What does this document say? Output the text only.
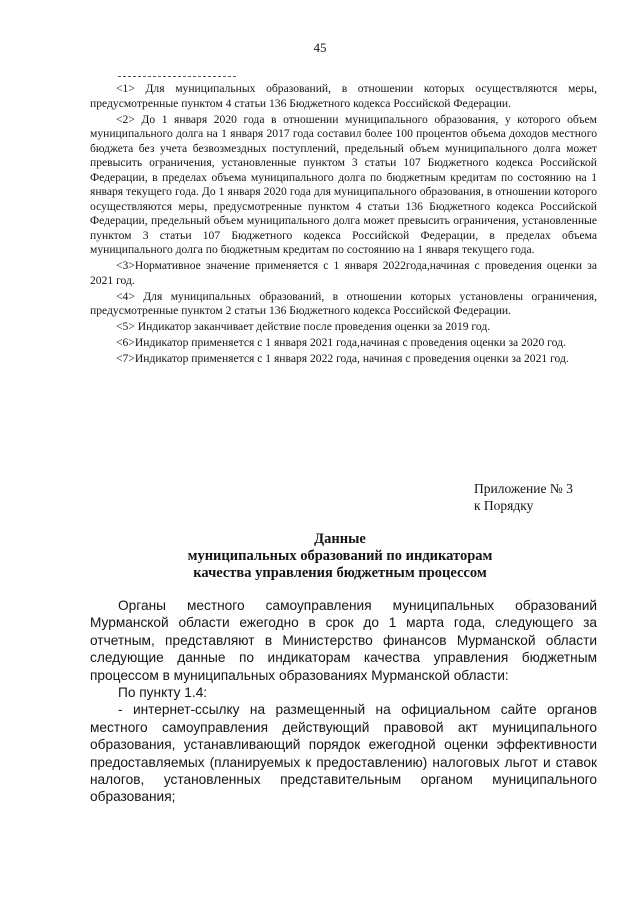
45

<1> Для муниципальных образований, в отношении которых осуществляются меры, предусмотренные пунктом 4 статьи 136 Бюджетного кодекса Российской Федерации.

<2> До 1 января 2020 года в отношении муниципального образования, у которого объем муниципального долга на 1 января 2017 года составил более 100 процентов объема доходов местного бюджета без учета безвозмездных поступлений, предельный объем муниципального долга может превысить ограничения, установленные пунктом 3 статьи 107 Бюджетного кодекса Российской Федерации, в пределах объема муниципального долга по бюджетным кредитам по состоянию на 1 января текущего года. До 1 января 2020 года для муниципального образования, в отношении которого осуществляются меры, предусмотренные пунктом 4 статьи 136 Бюджетного кодекса Российской Федерации, предельный объем муниципального долга может превысить ограничения, установленные пунктом 3 статьи 107 Бюджетного кодекса Российской Федерации, в пределах объема муниципального долга по бюджетным кредитам по состоянию на 1 января текущего года.

<3>Нормативное значение применяется с 1 января 2022года,начиная с проведения оценки за 2021 год.

<4> Для муниципальных образований, в отношении которых установлены ограничения, предусмотренные пунктом 2 статьи 136 Бюджетного кодекса Российской Федерации.

<5> Индикатор заканчивает действие после проведения оценки за 2019 год.

<6>Индикатор применяется с 1 января 2021 года,начиная с проведения оценки за 2020 год.

<7>Индикатор применяется с 1 января 2022 года, начиная с проведения оценки за 2021 год.

Приложение № 3
к Порядку
Данные
муниципальных образований по индикаторам
качества управления бюджетным процессом

Органы местного самоуправления муниципальных образований Мурманской области ежегодно в срок до 1 марта года, следующего за отчетным, представляют в Министерство финансов Мурманской области следующие данные по индикаторам качества управления бюджетным процессом в муниципальных образованиях Мурманской области:

По пункту 1.4:

- интернет-ссылку на размещенный на официальном сайте органов местного самоуправления действующий правовой акт муниципального образования, устанавливающий порядок ежегодной оценки эффективности предоставляемых (планируемых к предоставлению) налоговых льгот и ставок налогов, установленных представительным органом муниципального образования;
